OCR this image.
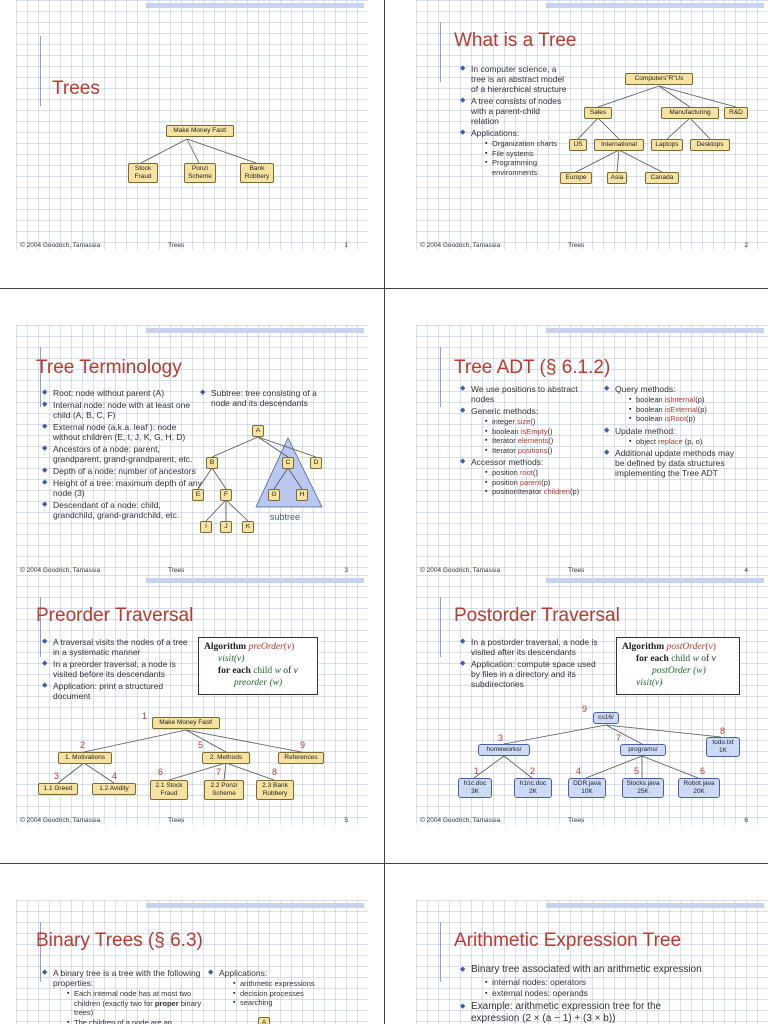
Trees
Make Money Fast!
Stock Fraud
Ponzi Scheme
Bank Robbery
© 2004 Goodrich, Tamassia	Trees	1
What is a Tree
◆ In computer science, a tree is an abstract model of a hierarchical structure
◆ A tree consists of nodes with a parent-child relation
◆ Applications:
▪ Organization charts
▪ File systems
▪ Programming environments
Computers”R”Us
Sales	Manufacturing	R&D
US	International	Laptops	Desktops
Europe	Asia	Canada
© 2004 Goodrich, Tamassia	Trees	2
Tree Terminology
◆ Root: node without parent (A)
◆ Internal node: node with at least one child (A, B, C, F)
◆ External node (a.k.a. leaf ): node without children (E, I, J, K, G, H, D)
◆ Ancestors of a node: parent, grandparent, grand-grandparent, etc.
◆ Depth of a node: number of ancestors
◆ Height of a tree: maximum depth of any node (3)
◆ Descendant of a node: child, grandchild, grand-grandchild, etc.
◆ Subtree: tree consisting of a node and its descendants
A
B	C	D
E	F	G	H
I	J	K
subtree
© 2004 Goodrich, Tamassia	Trees	3
Tree ADT (§ 6.1.2)
◆ We use positions to abstract nodes
◆ Generic methods:
▪ integer size()
▪ boolean isEmpty()
▪ Iterator elements()
▪ Iterator positions()
◆ Accessor methods:
▪ position root()
▪ position parent(p)
▪ positionIterator children(p)
◆ Query methods:
▪ boolean isInternal(p)
▪ boolean isExternal(p)
▪ boolean isRoot(p)
◆ Update method:
▪ object replace (p, o)
◆ Additional update methods may be defined by data structures implementing the Tree ADT
© 2004 Goodrich, Tamassia	Trees	4
Preorder Traversal
◆ A traversal visits the nodes of a tree in a systematic manner
◆ In a preorder traversal, a node is visited before its descendants
◆ Application: print a structured document
Algorithm preOrder(v)
visit(v)
for each child w of v
preorder (w)
Make Money Fast!
1. Motivations	2. Methods	References
1.1 Greed	1.2 Avidity	2.1 Stock Fraud
2.2 Ponzi Scheme
2.3 Bank Robbery
1
2
3	4
5
6	7	8
9
© 2004 Goodrich, Tamassia	Trees	5
Postorder Traversal
◆ In a postorder traversal, a node is visited after its descendants
◆ Application: compute space used by files in a directory and its subdirectories
Algorithm postOrder(v)
for each child w of v
postOrder (w)
visit(v)
cs16/
homeworks/	programs/
todo.txt
1K
h1c.doc
3K
h1nc.doc
2K
DDR.java
10K
Stocks.java
25K
Robot.java
20K
9
3	7
8
1	2	4	5	6
© 2004 Goodrich, Tamassia	Trees	6
Binary Trees (§ 6.3)
◆ A binary tree is a tree with the following properties:
▪ Each internal node has at most two children (exactly two for proper binary trees)
▪ The children of a node are an
◆ Applications:
▪ arithmetic expressions
▪ decision processes
▪ searching
A
Arithmetic Expression Tree
◆ Binary tree associated with an arithmetic expression
▪ internal nodes: operators
▪ external nodes: operands
◆ Example: arithmetic expression tree for the
expression (2 × (a − 1) + (3 × b))
